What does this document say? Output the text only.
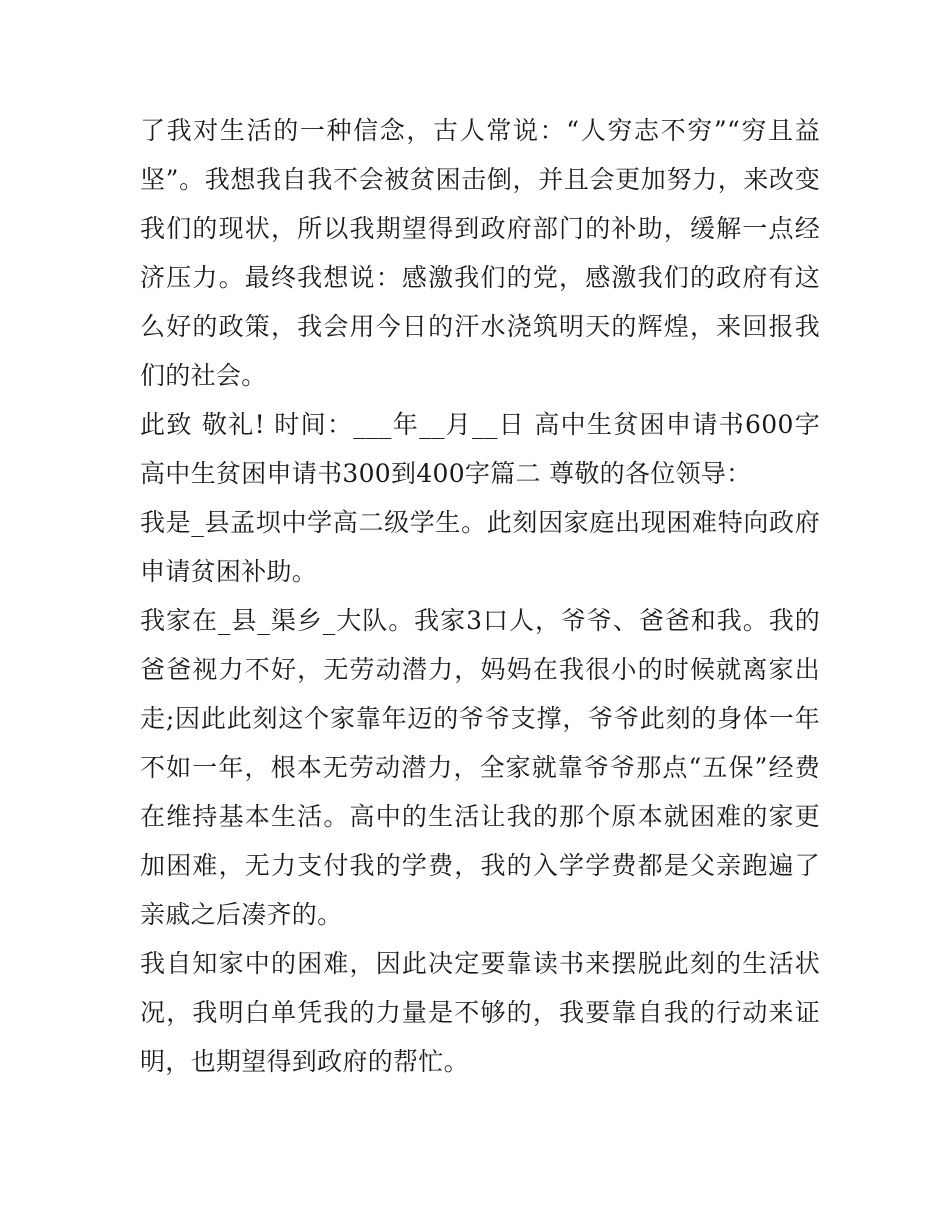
了我对生活的一种信念，古人常说：“人穷志不穷”“穷且益坚”。我想我自我不会被贫困击倒，并且会更加努力，来改变我们的现状，所以我期望得到政府部门的补助，缓解一点经济压力。最终我想说：感激我们的党，感激我们的政府有这么好的政策，我会用今日的汗水浇筑明天的辉煌，来回报我们的社会。

此致 敬礼! 时间：___年__月__日 高中生贫困申请书600字 高中生贫困申请书300到400字篇二 尊敬的各位领导：

我是_县孟坝中学高二级学生。此刻因家庭出现困难特向政府申请贫困补助。

我家在_县_渠乡_大队。我家3口人，爷爷、爸爸和我。我的爸爸视力不好，无劳动潜力，妈妈在我很小的时候就离家出走;因此此刻这个家靠年迈的爷爷支撑，爷爷此刻的身体一年不如一年，根本无劳动潜力，全家就靠爷爷那点“五保”经费在维持基本生活。高中的生活让我的那个原本就困难的家更加困难，无力支付我的学费，我的入学学费都是父亲跑遍了亲戚之后凑齐的。

我自知家中的困难，因此决定要靠读书来摆脱此刻的生活状况，我明白单凭我的力量是不够的，我要靠自我的行动来证明，也期望得到政府的帮忙。
